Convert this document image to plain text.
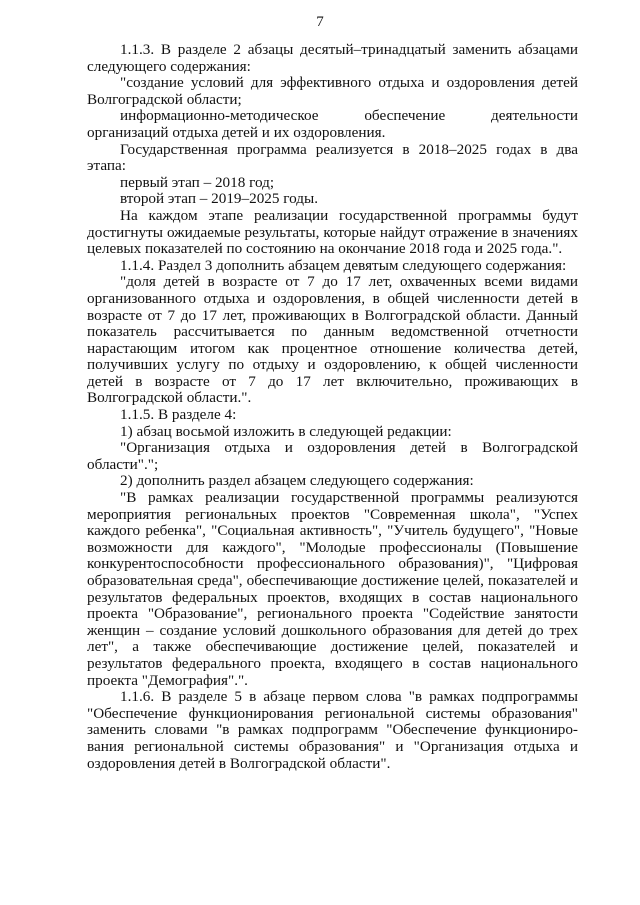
7

1.1.3. В разделе 2 абзацы десятый–тринадцатый заменить абзацами следующего содержания:

"создание условий для эффективного отдыха и оздоровления детей Волгоградской области;

информационно-методическое обеспечение деятельности организаций отдыха детей и их оздоровления.

Государственная программа реализуется в 2018–2025 годах в два этапа:

первый этап – 2018 год;

второй этап – 2019–2025 годы.

На каждом этапе реализации государственной программы будут достигнуты ожидаемые результаты, которые найдут отражение в значениях целевых показателей по состоянию на окончание 2018 года и 2025 года.".

1.1.4. Раздел 3 дополнить абзацем девятым следующего содержания:

"доля детей в возрасте от 7 до 17 лет, охваченных всеми видами организованного отдыха и оздоровления, в общей численности детей в возрасте от 7 до 17 лет, проживающих в Волгоградской области. Данный показатель рассчитывается по данным ведомственной отчетности нарастающим итогом как процентное отношение количества детей, получивших услугу по отдыху и оздоровлению, к общей численности детей в возрасте от 7 до 17 лет включительно, проживающих в Волгоградской области.".

1.1.5. В разделе 4:

1) абзац восьмой изложить в следующей редакции:

"Организация отдыха и оздоровления детей в Волгоградской области".";

2) дополнить раздел абзацем следующего содержания:

"В рамках реализации государственной программы реализуются мероприятия региональных проектов "Современная школа", "Успех каждого ребенка", "Социальная активность", "Учитель будущего", "Новые возможности для каждого", "Молодые профессионалы (Повышение конкурентоспособности профессионального образования)", "Цифровая образовательная среда", обеспечивающие достижение целей, показателей и результатов федеральных проектов, входящих в состав национального проекта "Образование", регионального проекта "Содействие занятости женщин – создание условий дошкольного образования для детей до трех лет", а также обеспечивающие достижение целей, показателей и результатов федерального проекта, входящего в состав национального проекта "Демография".".

1.1.6. В разделе 5 в абзаце первом слова "в рамках подпрограммы "Обеспечение функционирования региональной системы образования" заменить словами "в рамках подпрограмм "Обеспечение функциониро-вания региональной системы образования" и "Организация отдыха и оздоровления детей в Волгоградской области".
